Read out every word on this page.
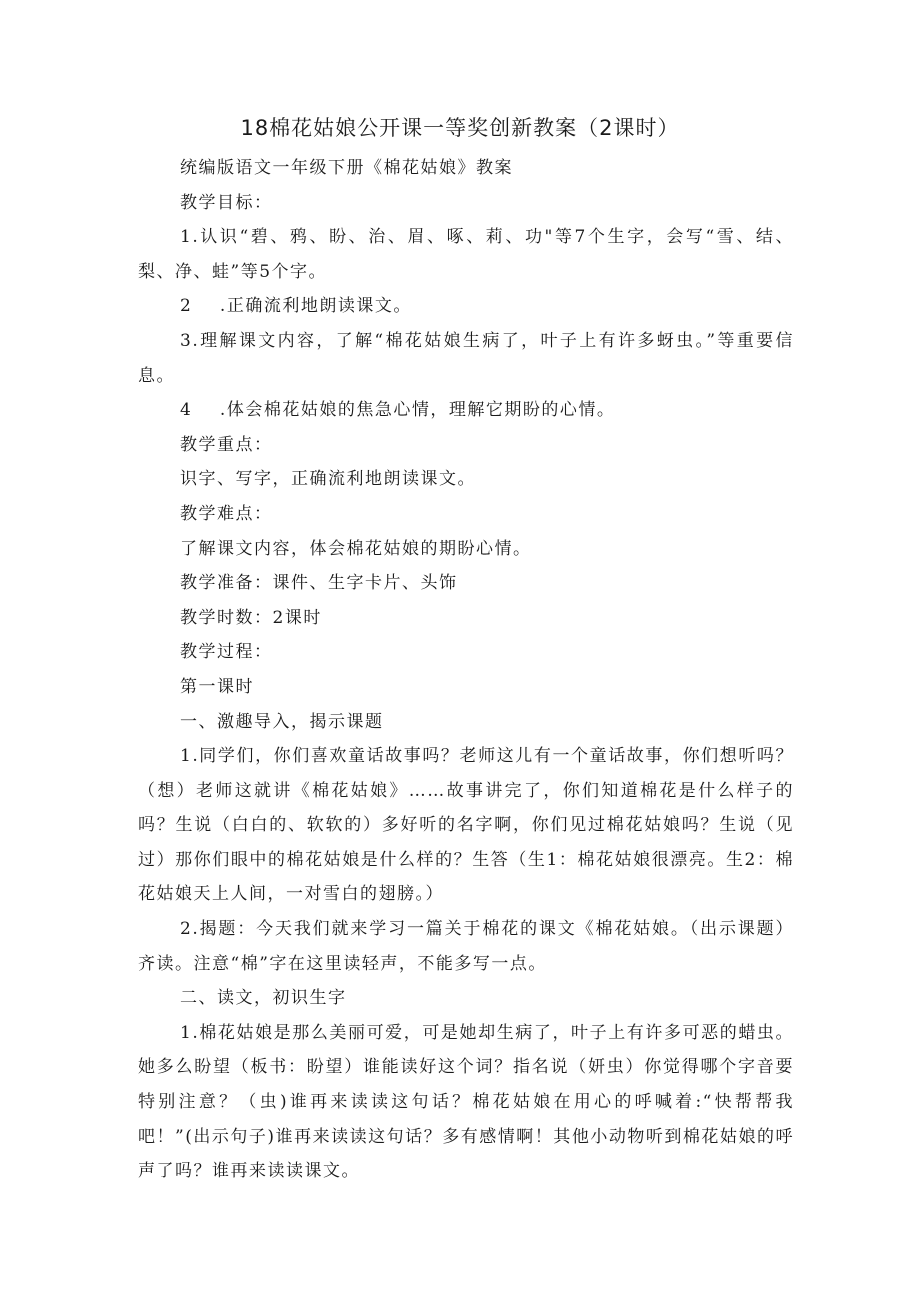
18棉花姑娘公开课一等奖创新教案（2课时）

统编版语文一年级下册《棉花姑娘》教案

教学目标：

1.认识“碧、鸦、盼、治、眉、啄、莉、功"等7个生字，会写“雪、结、梨、净、蛙”等5个字。

2    .正确流利地朗读课文。

3.理解课文内容，了解“棉花姑娘生病了，叶子上有许多蚜虫。”等重要信息。

4    .体会棉花姑娘的焦急心情，理解它期盼的心情。

教学重点：

识字、写字，正确流利地朗读课文。

教学难点：

了解课文内容，体会棉花姑娘的期盼心情。

教学准备：课件、生字卡片、头饰

教学时数：2课时

教学过程：

第一课时

一、激趣导入，揭示课题

1.同学们，你们喜欢童话故事吗？老师这儿有一个童话故事，你们想听吗？（想）老师这就讲《棉花姑娘》……故事讲完了，你们知道棉花是什么样子的吗？生说（白白的、软软的）多好听的名字啊，你们见过棉花姑娘吗？生说（见过）那你们眼中的棉花姑娘是什么样的？生答（生1：棉花姑娘很漂亮。生2：棉花姑娘天上人间，一对雪白的翅膀。）

2.揭题：今天我们就来学习一篇关于棉花的课文《棉花姑娘。（出示课题）齐读。注意“棉”字在这里读轻声，不能多写一点。

二、读文，初识生字

1.棉花姑娘是那么美丽可爱，可是她却生病了，叶子上有许多可恶的蜡虫。她多么盼望（板书：盼望）谁能读好这个词？指名说（妍虫）你觉得哪个字音要特别注意？（虫)谁再来读读这句话？棉花姑娘在用心的呼喊着:“快帮帮我吧！”(出示句子)谁再来读读这句话？多有感情啊！其他小动物听到棉花姑娘的呼声了吗？谁再来读读课文。
